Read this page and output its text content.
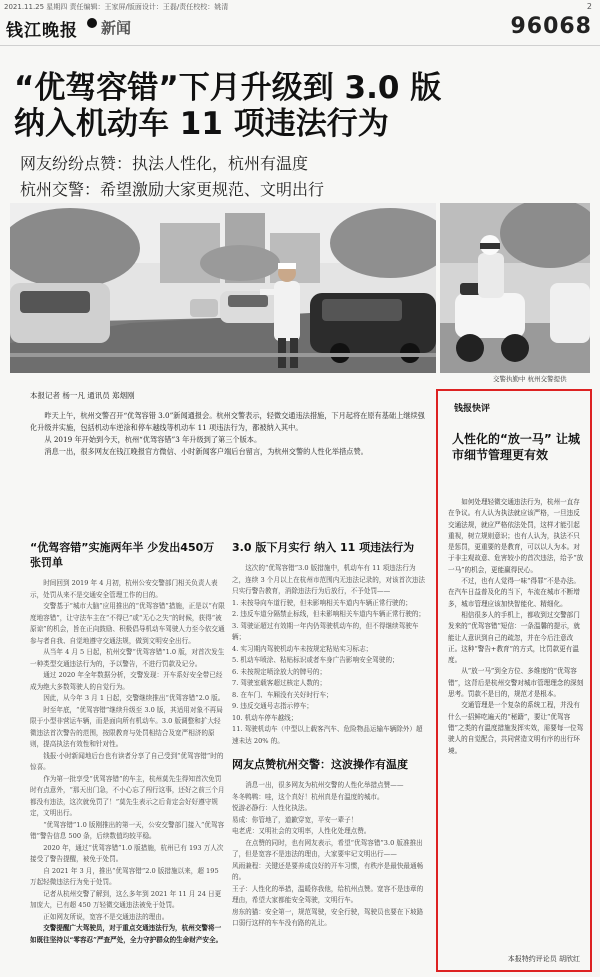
2021.11.25 星期四 责任编辑：王家屏/版面设计：王磊/责任校校：姚清	2
钱江晚报 新闻	96068
“优驾容错”下月升级到 3.0 版
纳入机动车 11 项违法行为
网友纷纷点赞：执法人性化，杭州有温度
杭州交警：希望激励大家更规范、文明出行
交警执勤中 杭州交警提供
本报记者 杨一凡 通讯员 郑烟刚

昨天上午，杭州交警召开“优驾容错 3.0”新闻通报会。杭州交警表示，轻微交通违法措施，下月起将在原有基础上继续强化升级并实施，包括机动车逆涂和停车越线等机动车 11 项违法行为，都被纳入其中。

从 2019 年开始到今天，杭州“优驾容错”3 年升级到了第三个版本。

消息一出，很多网友在钱江晚报官方微信、小时新闻客户端后台留言，为杭州交警的人性化举措点赞。

“优驾容错”实施两年半 少发出450万张罚单

时间回到 2019 年 4 月初，杭州公安交警部门相关负责人表示，处罚从来不是交通安全管理工作的目的。

交警基于“城市大脑”应用推出的“优驾容错”措施，正是以“有限度地容错”，让守法车主在“不得已”或“无心之失”的时候，获得“被原谅”的机会，旨在正向鼓励、积极倡导机动车驾驶人力至今依交通参与者自我、自觉地遵守交通法规，做到文明安全出行。

从当年 4 月 5 日起，杭州交警“优驾容错”1.0 版，对首次发生一种类型交通违法行为的，予以警告，不进行罚款及记分。

通过 2020 年全年数据分析，交警发现：开车系好安全带已经成为绝大多数驾驶人的自觉行为。

因此，从今年 3 月 1 日起，交警继续推出“优驾容错”2.0 版。

时至年底，“优驾容错”继续升级至 3.0 版，其适用对象不再局限于小型非营运车辆，而是面向所有机动车。3.0 版调整和扩大轻微违法首次警告的范围，按限教育与处罚相结合及宽严相济的原则，提高执法有效性和针对性。

钱报·小时新闻地后台也有读者分享了自己受到“优驾容错”时的惊喜。

作为第一批享受“优驾容错”的车主，杭州莫先生得知首次免罚时有点意外，“那天出门急，不小心忘了闯行这事，还好之前三个月都没有违法，这次就免罚了！”莫先生表示之后肯定会好好遵守规定，文明出行。

“优驾容错”1.0 版刚推出的第一天，公安交警部门接入“优驾容错”警告信息 500 条，后续数值均较平稳。

2020 年，通过“优驾容错”1.0 版措施，杭州已有 193 万人次接受了警告提醒，被免于处罚。

自 2021 年 3 月，推出“优驾容错”2.0 版措施以来，超 195 万起轻微违法行为免于处罚。

记者从杭州交警了解到，这么多年到 2021 年 11 月 24 日更加庞大，已有超 450 万轻微交通违法被免于处罚。

正如网友所说，宽容不是交通违法的理由。

交警提醒广大驾驶员，对于重点交通违法行为，杭州交警将一如既往坚持以“零容忍”严查严处，全力守护群众的生命财产安全。

3.0 版下月实行 纳入 11 项违法行为

这次的“优驾容错”3.0 版措施中，机动车有 11 项违法行为之，连续 3 个月以上在杭州市范围内无违法记录的，对该首次违法只实行警告教育，消除违法行为后放行，不予处罚——

1. 未按导向车道行驶，但未影响相关车道内车辆正常行驶的；

2. 违反车道分隔禁止标线，但未影响相关车道内车辆正常行驶的；

3. 驾驶证超过有效期一年内仍驾驶机动车的，但不得继续驾驶车辆；

4. 实习期内驾驶机动车未按规定粘贴实习标志；

5. 机动车喷涂、粘贴标识或者车身广告影响安全驾驶的；

6. 未按规定喷涂放大的牌号的；

7. 驾驶室载客超过核定人数的；

8. 在车门、车厢没有关好时行车；

9. 违反交通号志指示停车；

10. 机动车停车越线；

11. 驾驶机动车（中型以上载客汽车、危险物品运输车辆除外）超速未达 20% 的。

网友点赞杭州交警：这波操作有温度

消息一出，很多网友为杭州交警的人性化举措点赞——

冬冬鸭鸭：哇，这个真好！杭州真是有温度的城市。

悦游必静行：人性化执法。

易成：你管地了，道歉穿宽，平安一辈子！

电老虎：又明社会的文明率，人性化处理点赞。

在点赞的同时，也有网友表示，希望“优驾容错”3.0 版准推出了，但是宽容不是违法的理由，大家要牢记文明出行——

风雨兼程：关键还是要养成良好的开车习惯，有秩序是最快最通畅的。

王子：人性化的举措，温暖你我他，给杭州点赞。宽容不是违章的理由，希望大家都能安全驾驶，文明行车。

房东的猫：安全第一，规范驾驶，安全行驶，驾驶员也要在下坡路口弱行这样的车车没有路的礼让。

钱报快评
人性化的“放一马” 让城市细节管理更有效

如何处理轻微交通违法行为，杭州一直存在争议。有人认为执法就应该严格，一旦违反交通法规，就应严格依法处罚，这样才能引起重视，树立规则意识；也有人认为，执法不只是惩罚，更重要的是教育，可以以人为本。对于非主观故意、危害较小的首次违法，给予“放一马”的机会，更能赢得民心。

不过，也有人觉得一味“得罪”不是办法。在汽车日益普及化的当下，车流在城市不断增多，城市管理应该加快智能化、精细化。

相信很多人的手机上，都收到过交警部门发来的“优驾容错”短信：一条温馨的提示，就能让人意识到自己的疏忽，并在今后注意改正。这种“警告+教育”的方式，比罚款更有温度。

从“放一马”到全方位、多维度的“优驾容错”，这背后是杭州交警对城市管理理念的深刻思考。罚款不是目的，规范才是根本。

交通管理是一个复杂的系统工程，并没有什么一招鲜吃遍天的“秘籍”，要让“优驾容错”之类的有温度措施发挥实效，需要每一位驾驶人的自觉配合，共同营造文明有序的出行环境。

本报特约评论员 胡欣红
